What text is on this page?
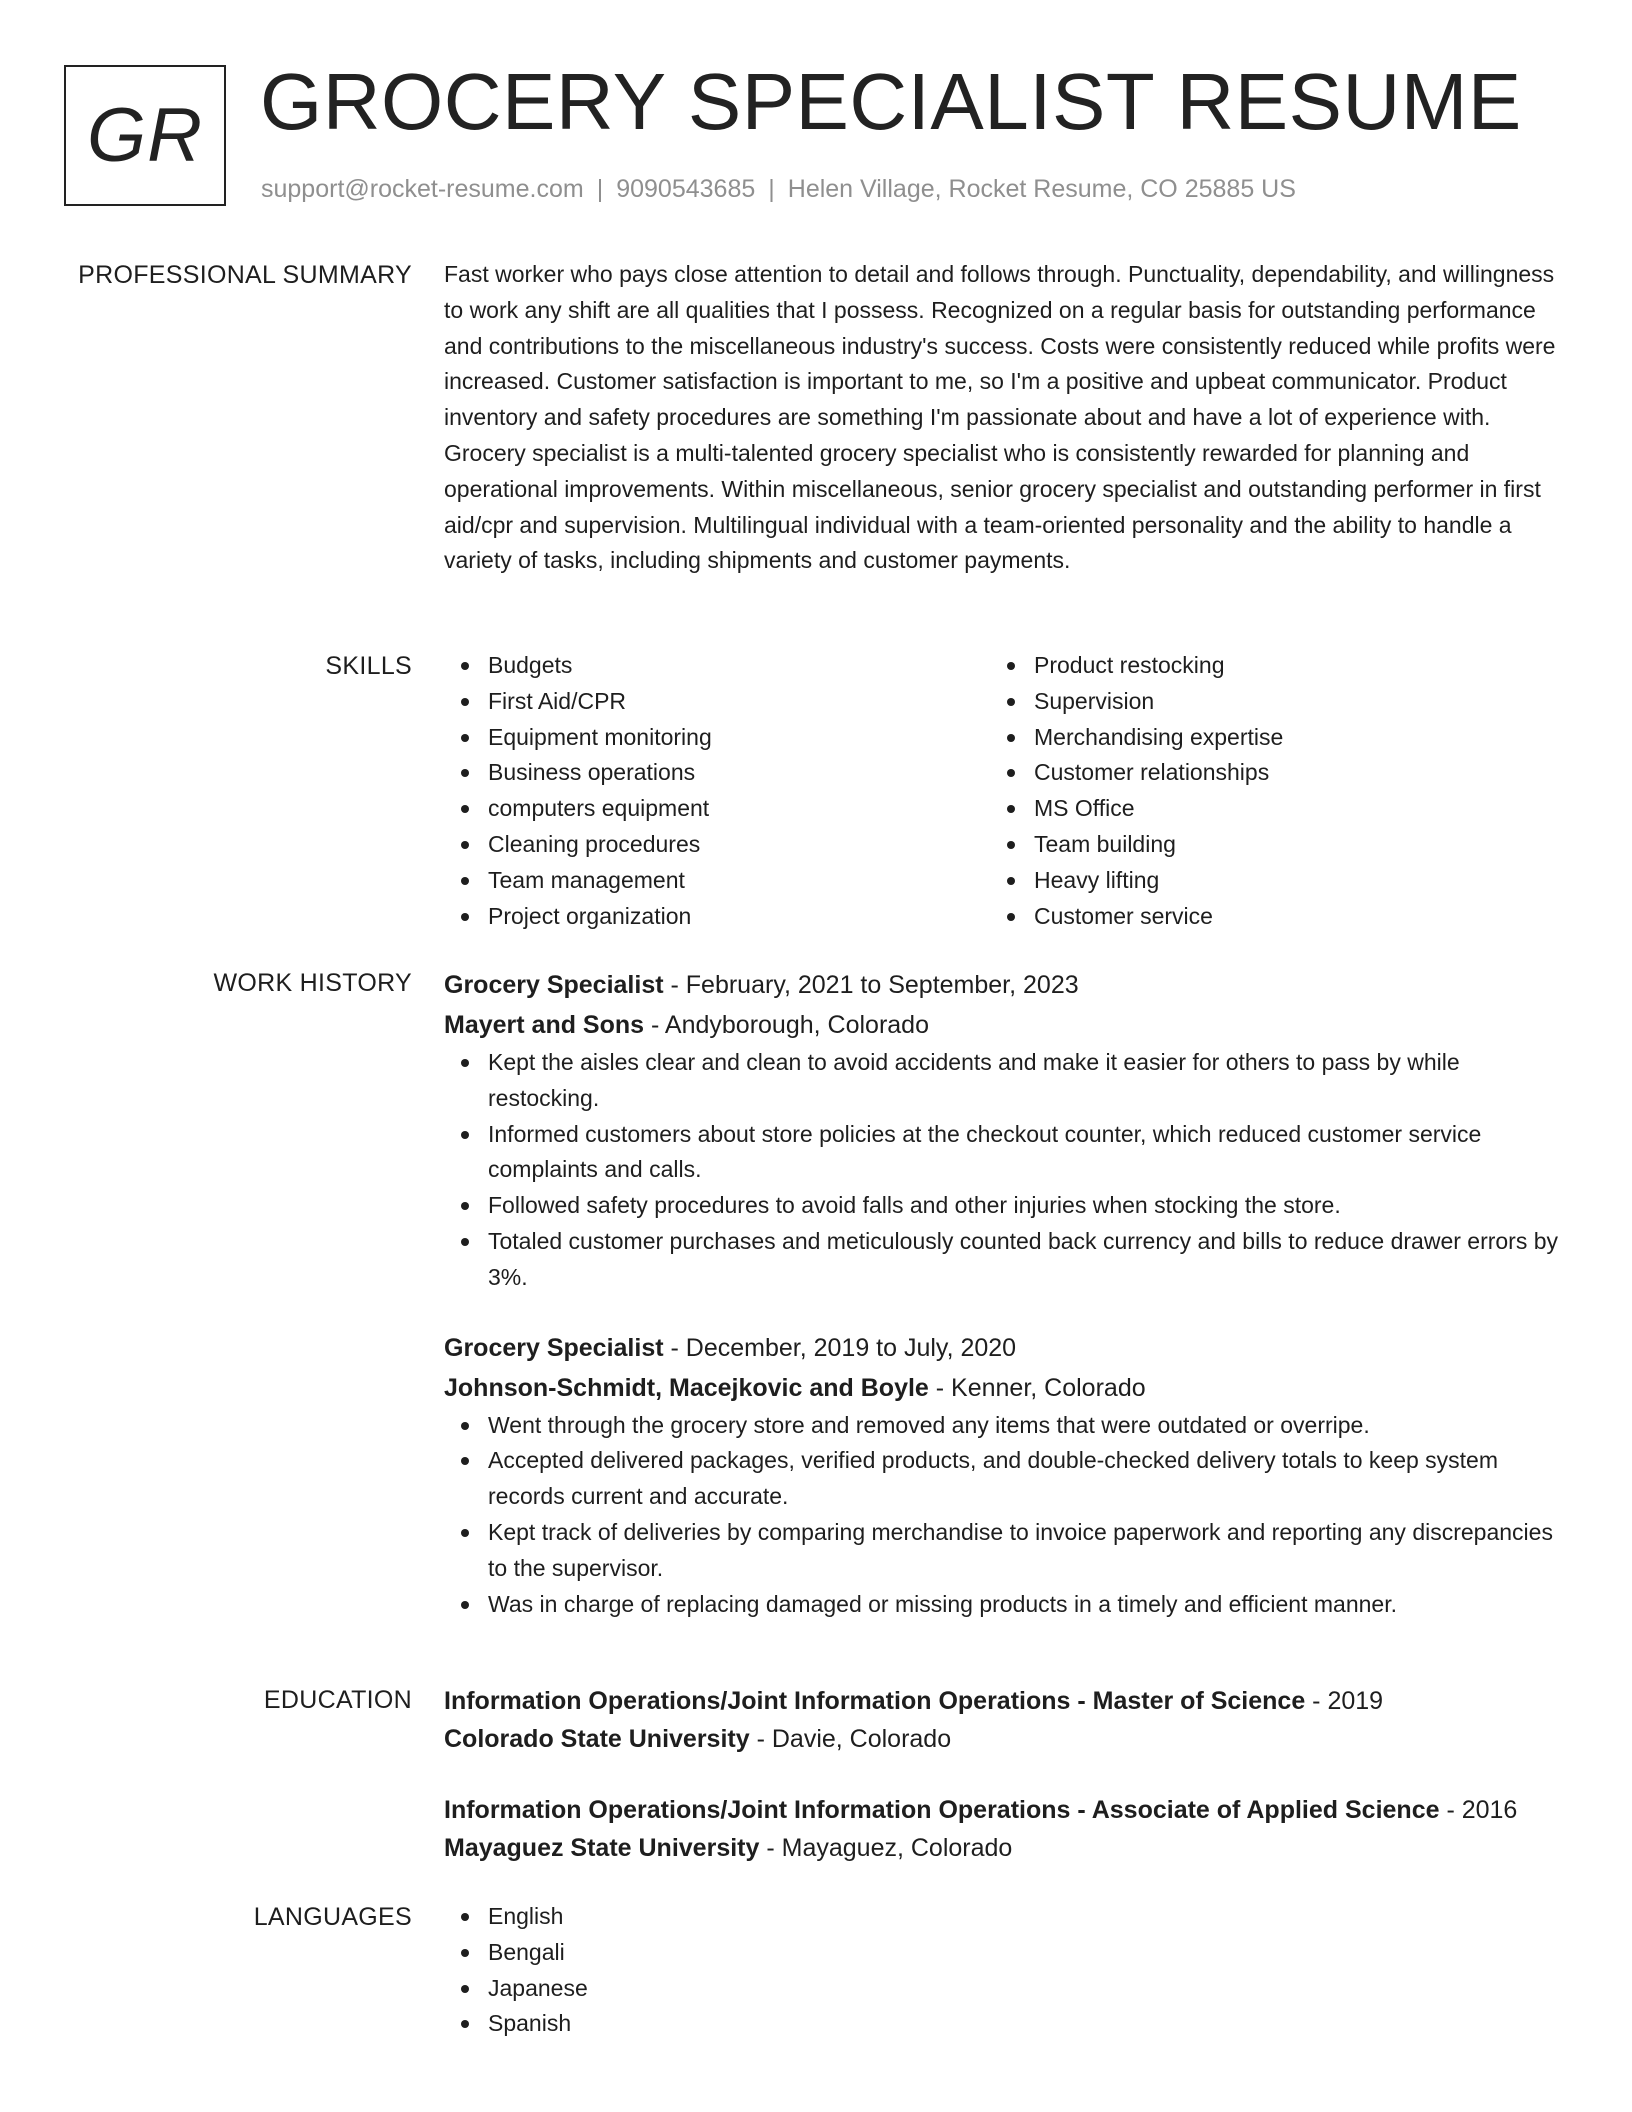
GR GROCERY SPECIALIST RESUME
support@rocket-resume.com | 9090543685 | Helen Village, Rocket Resume, CO 25885 US
PROFESSIONAL SUMMARY Fast worker who pays close attention to detail and follows through. Punctuality, dependability, and willingness to work any shift are all qualities that I possess. Recognized on a regular basis for outstanding performance and contributions to the miscellaneous industry's success. Costs were consistently reduced while profits were increased. Customer satisfaction is important to me, so I'm a positive and upbeat communicator. Product inventory and safety procedures are something I'm passionate about and have a lot of experience with. Grocery specialist is a multi-talented grocery specialist who is consistently rewarded for planning and operational improvements. Within miscellaneous, senior grocery specialist and outstanding performer in first aid/cpr and supervision. Multilingual individual with a team-oriented personality and the ability to handle a variety of tasks, including shipments and customer payments.

SKILLS	Budgets
First Aid/CPR
Equipment monitoring
Business operations
computers equipment
Cleaning procedures
Team management
Project organization
Product restocking
Supervision
Merchandising expertise
Customer relationships
MS Office
Team building
Heavy lifting
Customer service
WORK HISTORY Grocery Specialist - February, 2021 to September, 2023
Mayert and Sons - Andyborough, Colorado
Kept the aisles clear and clean to avoid accidents and make it easier for others to pass by while restocking.
Informed customers about store policies at the checkout counter, which reduced customer service complaints and calls.
Followed safety procedures to avoid falls and other injuries when stocking the store.
Totaled customer purchases and meticulously counted back currency and bills to reduce drawer errors by 3%.
Grocery Specialist - December, 2019 to July, 2020
Johnson-Schmidt, Macejkovic and Boyle - Kenner, Colorado
Went through the grocery store and removed any items that were outdated or overripe.
Accepted delivered packages, verified products, and double-checked delivery totals to keep system records current and accurate.
Kept track of deliveries by comparing merchandise to invoice paperwork and reporting any discrepancies to the supervisor.
Was in charge of replacing damaged or missing products in a timely and efficient manner.
EDUCATION Information Operations/Joint Information Operations - Master of Science - 2019
Colorado State University - Davie, Colorado
Information Operations/Joint Information Operations - Associate of Applied Science - 2016
Mayaguez State University - Mayaguez, Colorado
LANGUAGES	English
Bengali
Japanese
Spanish
